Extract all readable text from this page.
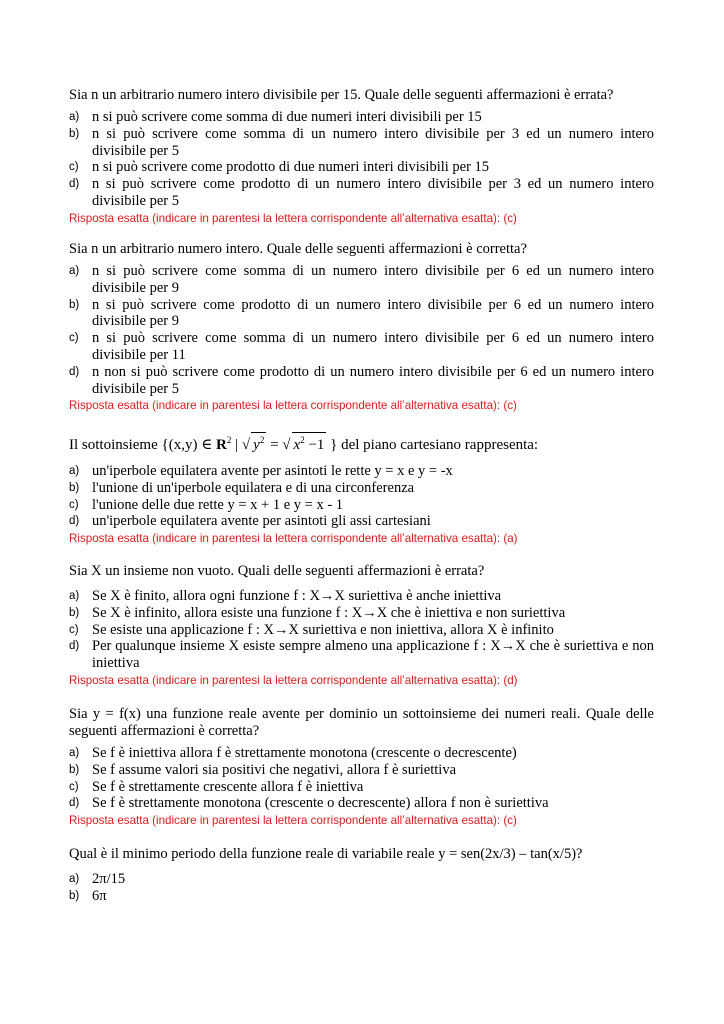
Sia n un arbitrario numero intero divisibile per 15. Quale delle seguenti affermazioni è errata?
a) n si può scrivere come somma di due numeri interi divisibili per 15
b) n si può scrivere come somma di un numero intero divisibile per 3 ed un numero intero divisibile per 5
c) n si può scrivere come prodotto di due numeri interi divisibili per 15
d) n si può scrivere come prodotto di un numero intero divisibile per 3 ed un numero intero divisibile per 5
Risposta esatta (indicare in parentesi la lettera corrispondente all’alternativa esatta): (c)
Sia n un arbitrario numero intero. Quale delle seguenti affermazioni è corretta?
a) n si può scrivere come somma di un numero intero divisibile per 6 ed un numero intero divisibile per 9
b) n si può scrivere come prodotto di un numero intero divisibile per 6 ed un numero intero divisibile per 9
c) n si può scrivere come somma di un numero intero divisibile per 6 ed un numero intero divisibile per 11
d) n non si può scrivere come prodotto di un numero intero divisibile per 6 ed un numero intero divisibile per 5
Risposta esatta (indicare in parentesi la lettera corrispondente all’alternativa esatta): (c)
Il sottoinsieme {(x,y) ∈ $R^2$ | √ $y^2$ = √ $x^2 -1$ } del piano cartesiano rappresenta:
a) un'iperbole equilatera avente per asintoti le rette y = x e y = -x
b) l'unione di un'iperbole equilatera e di una circonferenza
c) l'unione delle due rette y = x + 1 e y = x - 1
d) un'iperbole equilatera avente per asintoti gli assi cartesiani
Risposta esatta (indicare in parentesi la lettera corrispondente all’alternativa esatta): (a)
Sia X un insieme non vuoto. Quali delle seguenti affermazioni è errata?
a) Se X è finito, allora ogni funzione f : X→X suriettiva è anche iniettiva
b) Se X è infinito, allora esiste una funzione f : X→X che è iniettiva e non suriettiva
c) Se esiste una applicazione f : X→X suriettiva e non iniettiva, allora X è infinito
d) Per qualunque insieme X esiste sempre almeno una applicazione f : X→X che è suriettiva e non iniettiva
Risposta esatta (indicare in parentesi la lettera corrispondente all’alternativa esatta): (d)
Sia y = f(x) una funzione reale avente per dominio un sottoinsieme dei numeri reali. Quale delle seguenti affermazioni è corretta?
a) Se f è iniettiva allora f è strettamente monotona (crescente o decrescente)
b) Se f assume valori sia positivi che negativi, allora f è suriettiva
c) Se f è strettamente crescente allora f è iniettiva
d) Se f è strettamente monotona (crescente o decrescente) allora f non è suriettiva
Risposta esatta (indicare in parentesi la lettera corrispondente all’alternativa esatta): (c)
Qual è il minimo periodo della funzione reale di variabile reale y = sen(2x/3) – tan(x/5)?
a) 2π/15
b) 6π
